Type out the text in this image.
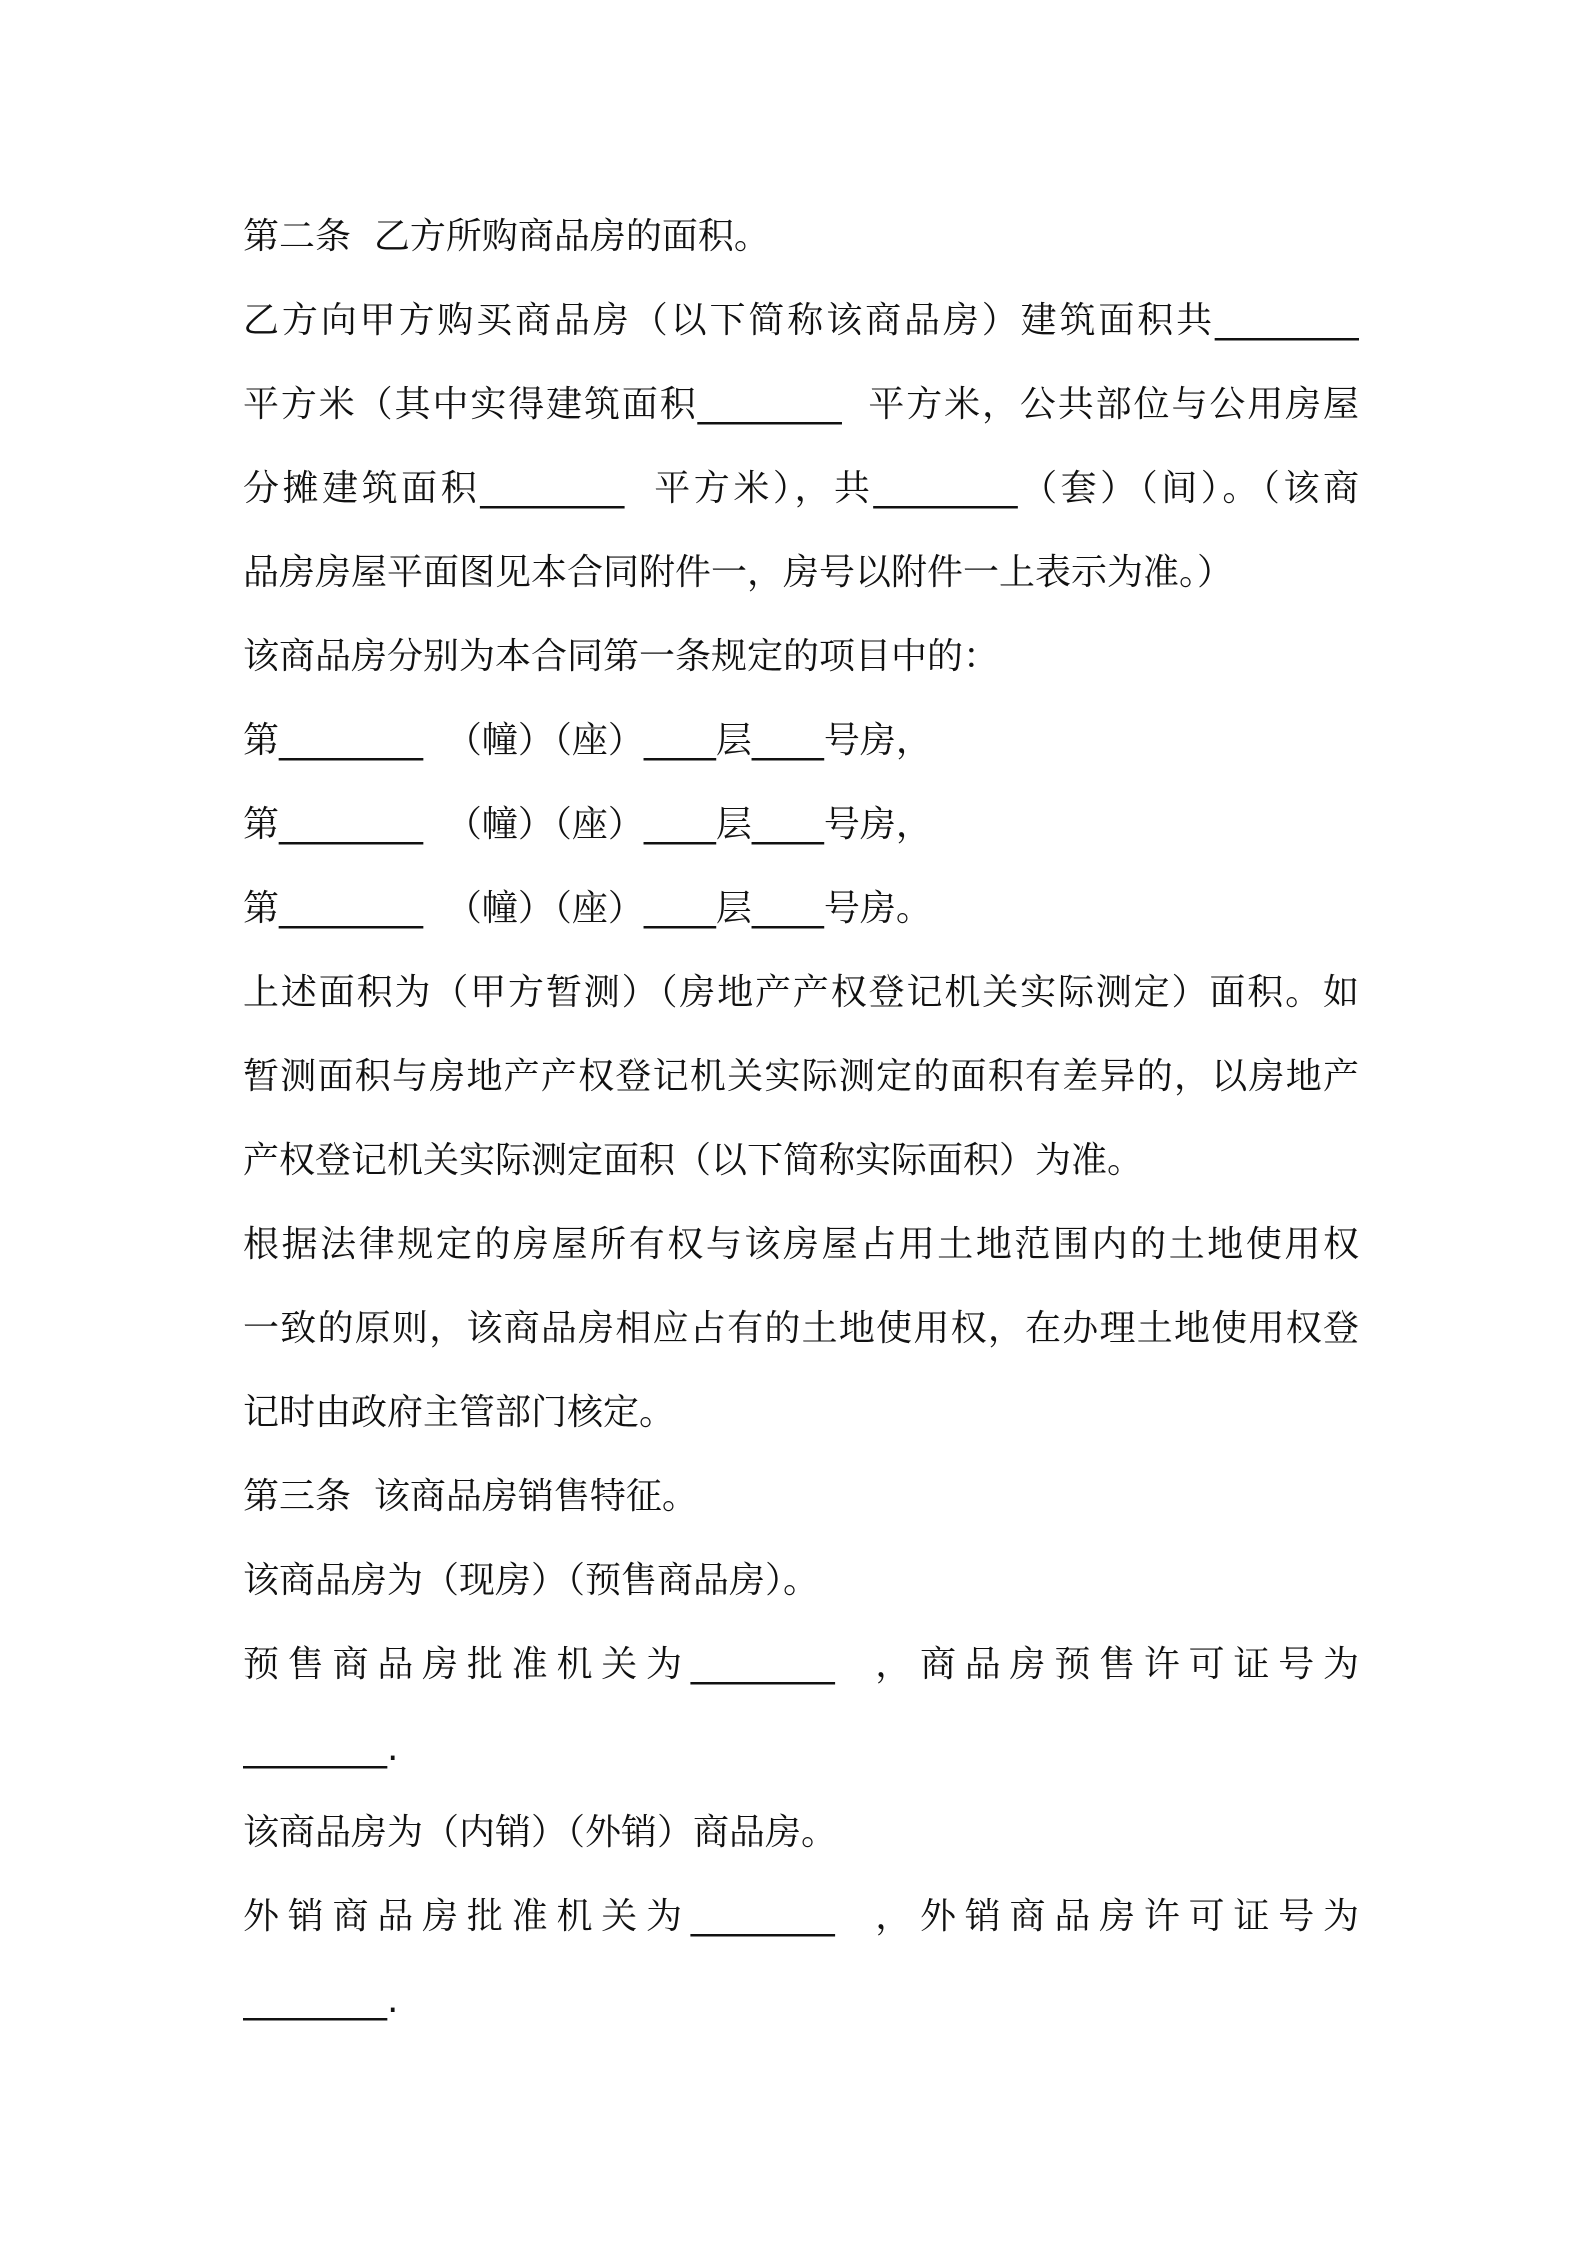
第二条  乙方所购商品房的面积。
乙方向甲方购买商品房（以下简称该商品房）建筑面积共________
平方米（其中实得建筑面积________  平方米，公共部位与公用房屋
分摊建筑面积________  平方米），共________（套）（间）。（该商
品房房屋平面图见本合同附件一，房号以附件一上表示为准。）
该商品房分别为本合同第一条规定的项目中的：
第________  （幢）（座）____层____号房，
第________  （幢）（座）____层____号房，
第________  （幢）（座）____层____号房。
上述面积为（甲方暂测）（房地产产权登记机关实际测定）面积。如
暂测面积与房地产产权登记机关实际测定的面积有差异的，以房地产
产权登记机关实际测定面积（以下简称实际面积）为准。
根据法律规定的房屋所有权与该房屋占用土地范围内的土地使用权
一致的原则，该商品房相应占有的土地使用权，在办理土地使用权登
记时由政府主管部门核定。
第三条  该商品房销售特征。
该商品房为（现房）（预售商品房）。
预售商品房批准机关为________  ，商品房预售许可证号为
________.
该商品房为（内销）（外销）商品房。
外销商品房批准机关为________  ，外销商品房许可证号为
________.
